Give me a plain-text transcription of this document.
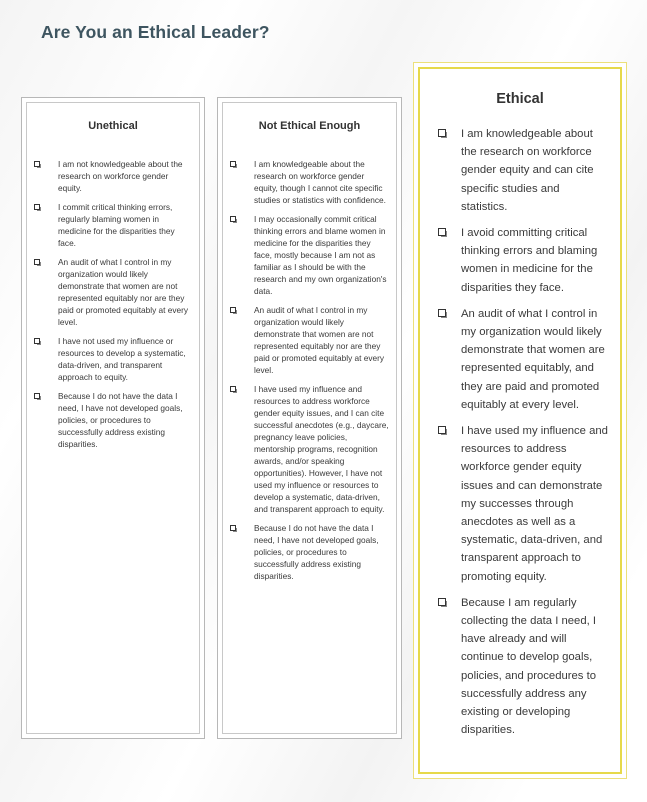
Are You an Ethical Leader?
Unethical
I am not knowledgeable about the research on workforce gender equity.
I commit critical thinking errors, regularly blaming women in medicine for the disparities they face.
An audit of what I control in my organization would likely demonstrate that women are not represented equitably nor are they paid or promoted equitably at every level.
I have not used my influence or resources to develop a systematic, data-driven, and transparent approach to equity.
Because I do not have the data I need, I have not developed goals, policies, or procedures to successfully address existing disparities.
Not Ethical Enough
I am knowledgeable about the research on workforce gender equity, though I cannot cite specific studies or statistics with confidence.
I may occasionally commit critical thinking errors and blame women in medicine for the disparities they face, mostly because I am not as familiar as I should be with the research and my own organization's data.
An audit of what I control in my organization would likely demonstrate that women are not represented equitably nor are they paid or promoted equitably at every level.
I have used my influence and resources to address workforce gender equity issues, and I can cite successful anecdotes (e.g., daycare, pregnancy leave policies, mentorship programs, recognition awards, and/or speaking opportunities). However, I have not used my influence or resources to develop a systematic, data-driven, and transparent approach to equity.
Because I do not have the data I need, I have not developed goals, policies, or procedures to successfully address existing disparities.
Ethical
I am knowledgeable about the research on workforce gender equity and can cite specific studies and statistics.
I avoid committing critical thinking errors and blaming women in medicine for the disparities they face.
An audit of what I control in my organization would likely demonstrate that women are represented equitably, and they are paid and promoted equitably at every level.
I have used my influence and resources to address workforce gender equity issues and can demonstrate my successes through anecdotes as well as a systematic, data-driven, and transparent approach to promoting equity.
Because I am regularly collecting the data I need, I have already and will continue to develop goals, policies, and procedures to successfully address any existing or developing disparities.
